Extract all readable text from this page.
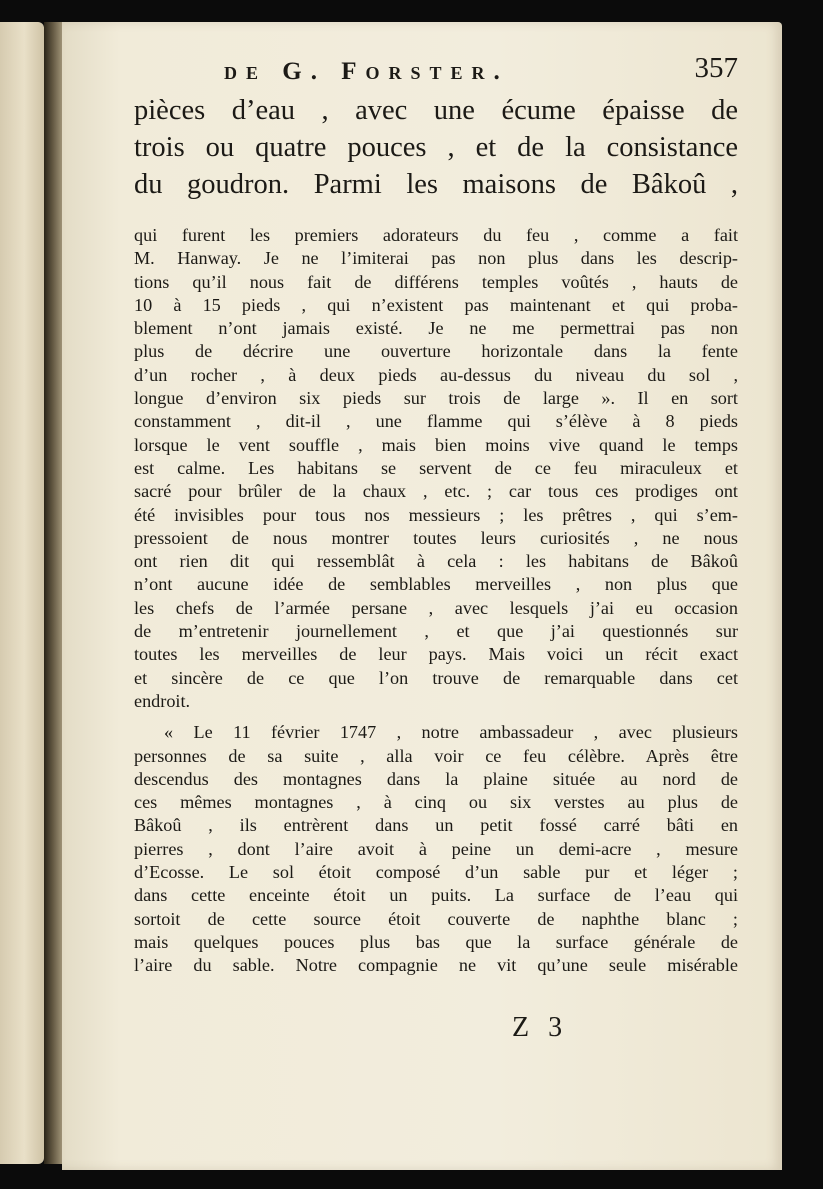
de G. Forster.	357
pièces d’eau , avec une écume épaisse de
trois ou quatre pouces , et de la consistance
du goudron. Parmi les maisons de Bâkoû ,

qui furent les premiers adorateurs du feu , comme a fait
M. Hanway. Je ne l’imiterai pas non plus dans les descrip-
tions qu’il nous fait de différens temples voûtés , hauts de
10 à 15 pieds , qui n’existent pas maintenant et qui proba-
blement n’ont jamais existé. Je ne me permettrai pas non
plus de décrire une ouverture horizontale dans la fente
d’un rocher , à deux pieds au-dessus du niveau du sol ,
longue d’environ six pieds sur trois de large ». Il en sort
constamment , dit-il , une flamme qui s’élève à 8 pieds
lorsque le vent souffle , mais bien moins vive quand le temps
est calme. Les habitans se servent de ce feu miraculeux et
sacré pour brûler de la chaux , etc. ; car tous ces prodiges ont
été invisibles pour tous nos messieurs ; les prêtres , qui s’em-
pressoient de nous montrer toutes leurs curiosités , ne nous
ont rien dit qui ressemblât à cela : les habitans de Bâkoû
n’ont aucune idée de semblables merveilles , non plus que
les chefs de l’armée persane , avec lesquels j’ai eu occasion
de m’entretenir journellement , et que j’ai questionnés sur
toutes les merveilles de leur pays. Mais voici un récit exact
et sincère de ce que l’on trouve de remarquable dans cet
endroit.

« Le 11 février 1747 , notre ambassadeur , avec plusieurs
personnes de sa suite , alla voir ce feu célèbre. Après être
descendus des montagnes dans la plaine située au nord de
ces mêmes montagnes , à cinq ou six verstes au plus de
Bâkoû , ils entrèrent dans un petit fossé carré bâti en
pierres , dont l’aire avoit à peine un demi-acre , mesure
d’Ecosse. Le sol étoit composé d’un sable pur et léger ;
dans cette enceinte étoit un puits. La surface de l’eau qui
sortoit de cette source étoit couverte de naphthe blanc ;
mais quelques pouces plus bas que la surface générale de
l’aire du sable. Notre compagnie ne vit qu’une seule misérable

Z 3
